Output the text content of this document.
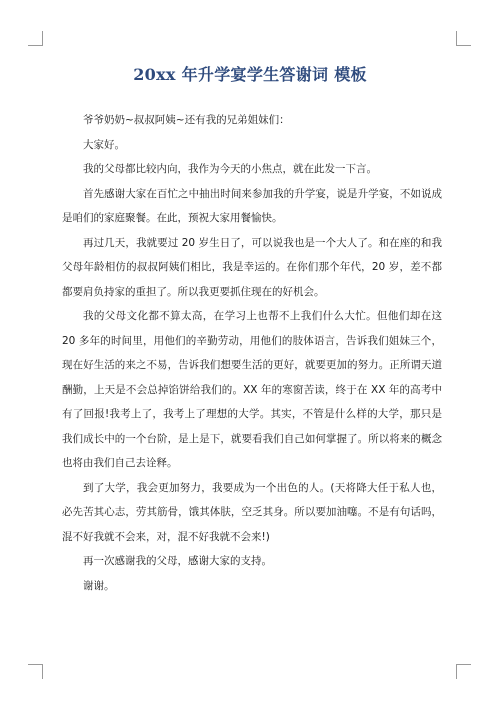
20xx 年升学宴学生答谢词 模板

爷爷奶奶~叔叔阿姨~还有我的兄弟姐妹们：

大家好。

我的父母都比较内向，我作为今天的小焦点，就在此发一下言。

首先感谢大家在百忙之中抽出时间来参加我的升学宴，说是升学宴，不如说成是咱们的家庭聚餐。在此，预祝大家用餐愉快。

再过几天，我就要过 20 岁生日了，可以说我也是一个大人了。和在座的和我父母年龄相仿的叔叔阿姨们相比，我是幸运的。在你们那个年代，20 岁，差不都都要肩负持家的重担了。所以我更要抓住现在的好机会。

我的父母文化都不算太高，在学习上也帮不上我们什么大忙。但他们却在这 20 多年的时间里，用他们的辛勤劳动，用他们的肢体语言，告诉我们姐妹三个，现在好生活的来之不易，告诉我们想要生活的更好，就要更加的努力。正所谓天道酬勤，上天是不会总掉馅饼给我们的。XX 年的寒窗苦读，终于在 XX 年的高考中有了回报!我考上了，我考上了理想的大学。其实，不管是什么样的大学，那只是我们成长中的一个台阶，是上是下，就要看我们自己如何掌握了。所以将来的概念也将由我们自己去诠释。

到了大学，我会更加努力，我要成为一个出色的人。(天将降大任于私人也，必先苦其心志，劳其筋骨，饿其体肤，空乏其身。所以要加油噻。不是有句话吗，混不好我就不会来，对，混不好我就不会来!)

再一次感谢我的父母，感谢大家的支持。

谢谢。
